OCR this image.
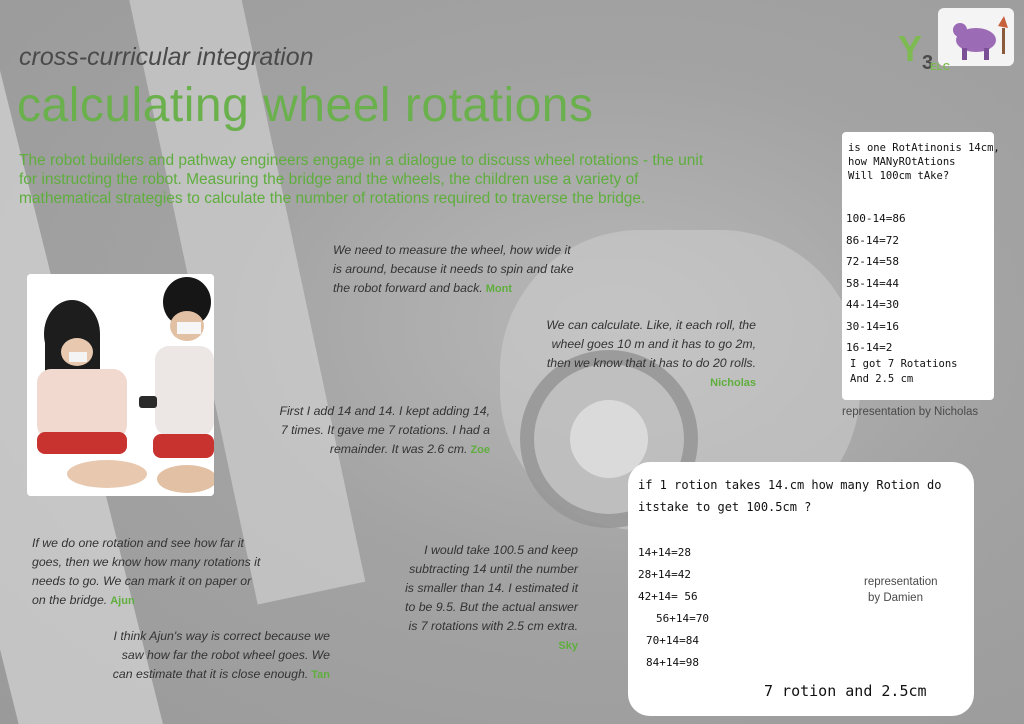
cross-curricular integration
calculating wheel rotations
The robot builders and pathway engineers engage in a dialogue to discuss wheel rotations - the unit for instructing the robot. Measuring the bridge and the wheels, the children use a variety of mathematical strategies to calculate the number of rotations required to traverse the bridge.
$Y_3$
ELC
We need to measure the wheel, how wide it is around, because it needs to spin and take the robot forward and back. Mont
We can calculate. Like, it each roll, the wheel goes 10 m and it has to go 2m, then we know that it has to do 20 rolls.
Nicholas
First I add 14 and 14. I kept adding 14, 7 times. It gave me 7 rotations. I had a remainder. It was 2.6 cm. Zoe
If we do one rotation and see how far it goes, then we know how many rotations it needs to go. We can mark it on paper or on the bridge. Ajun
I would take 100.5 and keep subtracting 14 until the number is smaller than 14. I estimated it to be 9.5. But the actual answer is 7 rotations with 2.5 cm extra.
Sky
I think Ajun's way is correct because we saw how far the robot wheel goes. We can estimate that it is close enough. Tan
is one RotAtinonis 14cm,
how MANyROtAtions
Will 100cm tAke?
100-14=86
86-14=72
72-14=58
58-14=44
44-14=30
30-14=16
16-14=2
I got 7 Rotations
And 2.5 cm
representation by Nicholas
if 1 rotion takes 14.cm how many Rotion do
itstake to get 100.5cm ?
14+14=28
28+14=42
42+14= 56
56+14=70
70+14=84
84+14=98
7 rotion and 2.5cm
representation
by Damien
